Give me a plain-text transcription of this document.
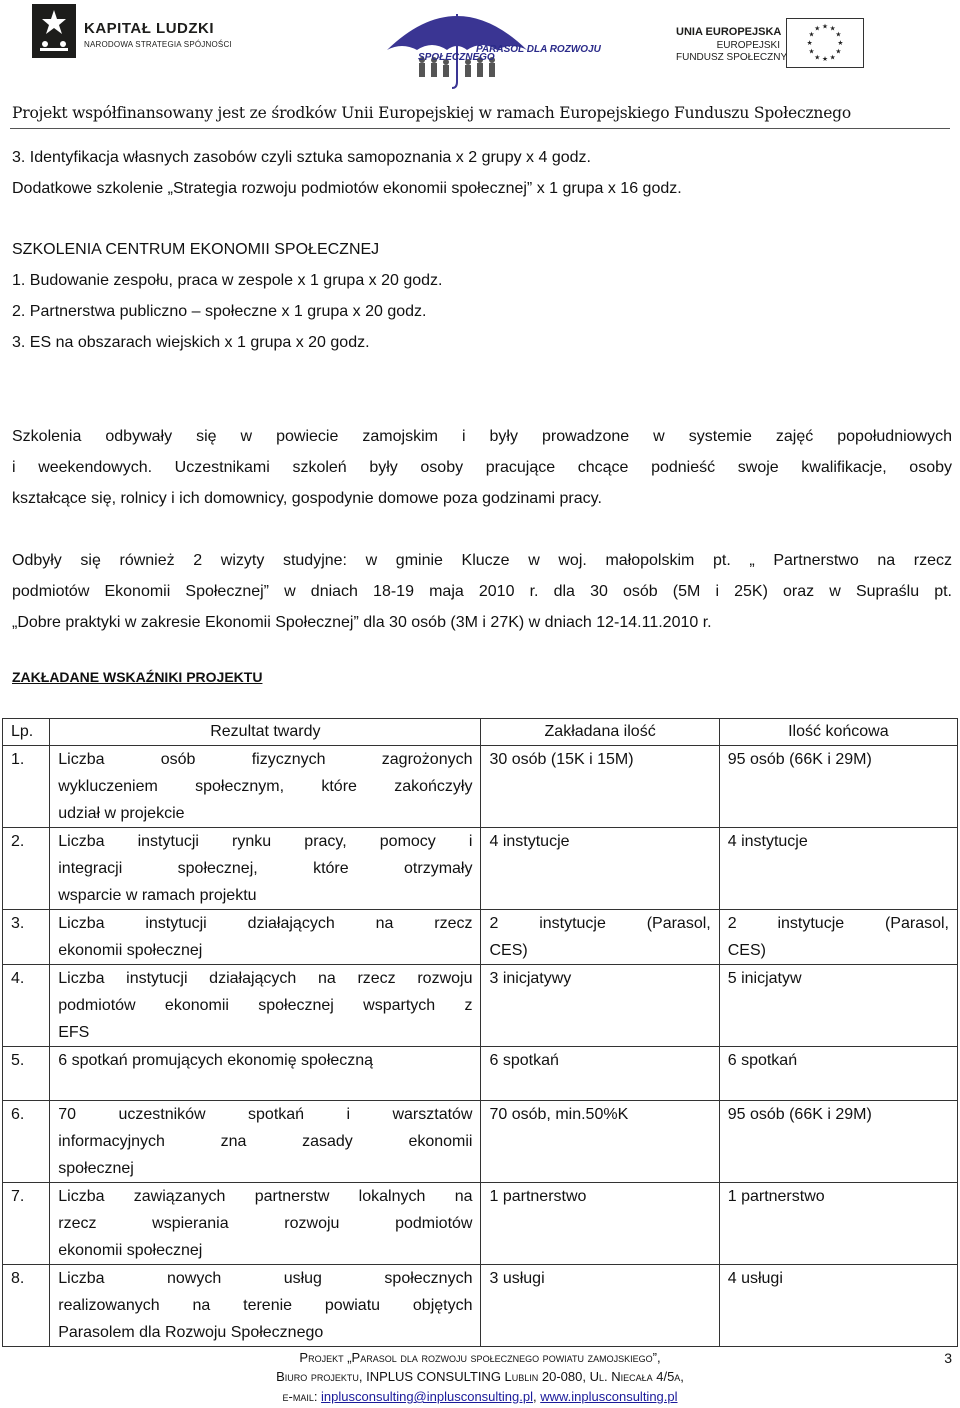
KAPITAŁ LUDZKI
NARODOWA STRATEGIA SPÓJNOŚCI	PARASOL DLA ROZWOJU
SPOŁECZNEGO
UNIA EUROPEJSKA
EUROPEJSKI
FUNDUSZ SPOŁECZNY
★ ★
★
★
★
★
★
★
★
★
★
★
Projekt współfinansowany jest ze środków Unii Europejskiej w ramach Europejskiego Funduszu Społecznego
3. Identyfikacja własnych zasobów czyli sztuka samopoznania x 2 grupy x 4 godz.
Dodatkowe szkolenie „Strategia rozwoju podmiotów ekonomii społecznej” x 1 grupa x 16 godz.
SZKOLENIA CENTRUM EKONOMII SPOŁECZNEJ
1. Budowanie zespołu, praca w zespole x 1 grupa x 20 godz.
2. Partnerstwa publiczno – społeczne x 1 grupa x 20 godz.
3. ES na obszarach wiejskich x 1 grupa x 20 godz.
Szkolenia odbywały się w powiecie zamojskim i były prowadzone w systemie zajęć popołudniowych
i weekendowych. Uczestnikami szkoleń były osoby pracujące chcące podnieść swoje kwalifikacje, osoby
kształcące się, rolnicy i ich domownicy, gospodynie domowe poza godzinami pracy.
Odbyły się również 2 wizyty studyjne: w gminie Klucze w woj. małopolskim pt. „ Partnerstwo na rzecz
podmiotów Ekonomii Społecznej” w dniach 18-19 maja 2010 r. dla 30 osób (5M i 25K) oraz w Supraślu pt.
„Dobre praktyki w zakresie Ekonomii Społecznej” dla 30 osób (3M i 27K) w dniach 12-14.11.2010 r.
ZAKŁADANE WSKAŹNIKI PROJEKTU
Lp.	Rezultat twardy	Zakładana ilość	Ilość końcowa
1.	Liczba osób fizycznych zagrożonych
wykluczeniem społecznym, które zakończyły
udział w projekcie	30 osób (15K i 15M)	95 osób (66K i 29M)

2.	Liczba instytucji rynku pracy, pomocy i
integracji społecznej, które otrzymały
wsparcie w ramach projektu	4 instytucje	4 instytucje

3.	Liczba instytucji działających na rzecz
ekonomii społecznej	2 instytucje (Parasol,
CES)	2 instytucje (Parasol,
CES)

4.	Liczba instytucji działających na rzecz rozwoju
podmiotów ekonomii społecznej wspartych z
EFS	3 inicjatywy	5 inicjatyw

5.	6 spotkań promujących ekonomię społeczną	6 spotkań	6 spotkań

6.	70 uczestników spotkań i warsztatów
informacyjnych zna zasady ekonomii
społecznej	70 osób, min.50%K	95 osób (66K i 29M)

7.	Liczba zawiązanych partnerstw lokalnych na
rzecz wspierania rozwoju podmiotów
ekonomii społecznej	1 partnerstwo	1 partnerstwo

8.	Liczba nowych usług społecznych
realizowanych na terenie powiatu objętych
Parasolem dla Rozwoju Społecznego	3 usługi	4 usługi
Projekt „Parasol dla rozwoju społecznego powiatu zamojskiego”,
Biuro projektu, INPLUS CONSULTING Lublin 20-080, Ul. Niecała 4/5a,
e-mail: inplusconsulting@inplusconsulting.pl, www.inplusconsulting.pl
3
